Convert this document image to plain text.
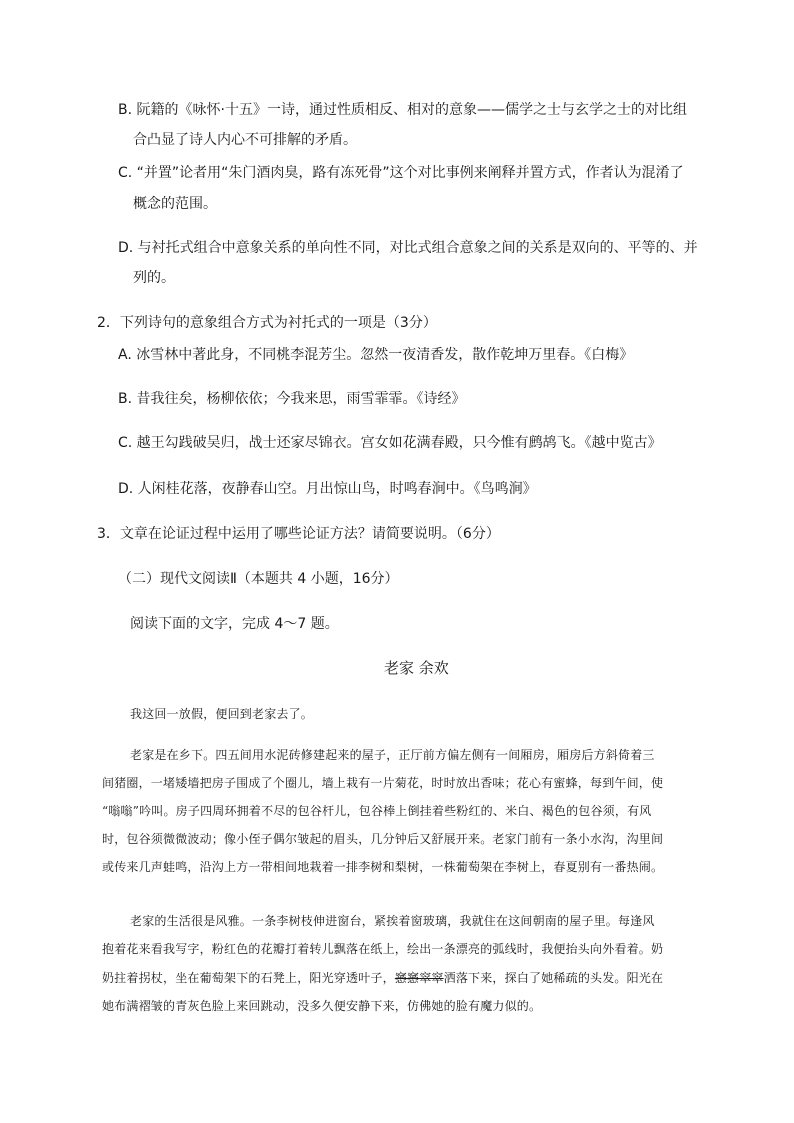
B. 阮籍的《咏怀·十五》一诗，通过性质相反、相对的意象——儒学之士与玄学之士的对比组
合凸显了诗人内心不可排解的矛盾。
C. “并置”论者用“朱门酒肉臭，路有冻死骨”这个对比事例来阐释并置方式，作者认为混淆了
概念的范围。
D. 与衬托式组合中意象关系的单向性不同，对比式组合意象之间的关系是双向的、平等的、并
列的。
2．下列诗句的意象组合方式为衬托式的一项是（3分）
A. 冰雪林中著此身，不同桃李混芳尘。忽然一夜清香发，散作乾坤万里春。《白梅》
B. 昔我往矣，杨柳依依；今我来思，雨雪霏霏。《诗经》
C. 越王勾践破吴归，战士还家尽锦衣。宫女如花满春殿，只今惟有鹧鸪飞。《越中览古》
D. 人闲桂花落，夜静春山空。月出惊山鸟，时鸣春涧中。《鸟鸣涧》
3．文章在论证过程中运用了哪些论证方法？请简要说明。（6分）
（二）现代文阅读Ⅱ（本题共 4 小题，16分）
阅读下面的文字，完成 4～7 题。
老家 余欢
我这回一放假，便回到老家去了。
老家是在乡下。四五间用水泥砖修建起来的屋子，正厅前方偏左侧有一间厢房，厢房后方斜倚着三
间猪圈，一堵矮墙把房子围成了个圈儿，墙上栽有一片菊花，时时放出香味；花心有蜜蜂，每到午间，使
“嗡嗡”吟叫。房子四周环拥着不尽的包谷杆儿，包谷棒上倒挂着些粉红的、米白、褐色的包谷须，有风
时，包谷须微微波动；像小侄子偶尔皱起的眉头，几分钟后又舒展开来。老家门前有一条小水沟，沟里间
或传来几声蛙鸣，沿沟上方一带相间地栽着一排李树和梨树，一株葡萄架在李树上，春夏别有一番热闹。
老家的生活很是风雅。一条李树枝伸进窗台，紧挨着窗玻璃，我就住在这间朝南的屋子里。每逢风
抱着花来看我写字，粉红色的花瓣打着转儿飘落在纸上，绘出一条漂亮的弧线时，我便抬头向外看着。奶
奶拄着拐杖，坐在葡萄架下的石凳上，阳光穿透叶子，窸窸窣窣洒落下来，探白了她稀疏的头发。阳光在
她布满褶皱的青灰色脸上来回跳动，没多久便安静下来，仿佛她的脸有魔力似的。
